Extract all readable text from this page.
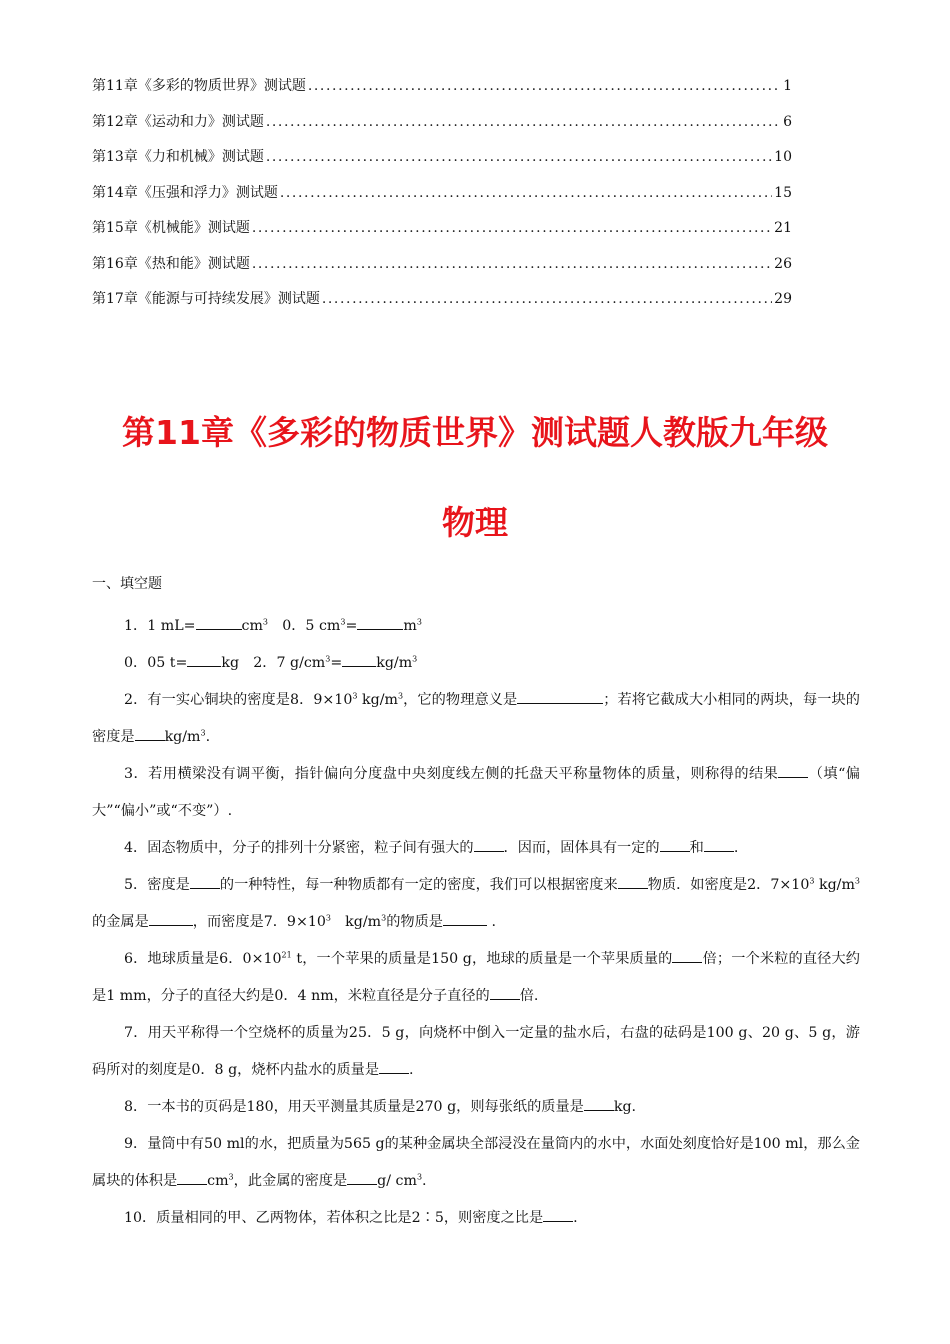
第11章《多彩的物质世界》测试题 .....	1
第12章《运动和力》测试题 .....	6
第13章《力和机械》测试题 .....	10
第14章《压强和浮力》测试题 .....	15
第15章《机械能》测试题 .....	21
第16章《热和能》测试题 .....	26
第17章《能源与可持续发展》测试题 .....	29
第11章《多彩的物质世界》测试题人教版九年级
物理
一、填空题

1．1 mL=	$cm^3$　0．5 $cm^3=$	$m^3$

0．05 t= kg　2．7 $g/cm^3= kg/m^3$

2．有一实心铜块的密度是8．$9\times 10^3$ $kg/m^3$，它的物理意义是	；若将它截成大小相同的两块，每一块的密度是 $kg/m^3$.

3．若用横梁没有调平衡，指针偏向分度盘中央刻度线左侧的托盘天平称量物体的质量，则称得的结果 （填“偏大”“偏小”或“不变”）.

4．固态物质中，分子的排列十分紧密，粒子间有强大的 ．因而，固体具有一定的 和 .

5．密度是 的一种特性，每一种物质都有一定的密度，我们可以根据密度来 物质．如密度是2．$7\times 10^3$ $kg/m^3$的金属是	，而密度是7．$9\times 10^3$　$kg/m^3$的物质是	.

6．地球质量是6．$0\times 10^{21}$ t，一个苹果的质量是150 g，地球的质量是一个苹果质量的 倍；一个米粒的直径大约是1 mm，分子的直径大约是0．4 nm，米粒直径是分子直径的 倍.

7．用天平称得一个空烧杯的质量为25．5 g，向烧杯中倒入一定量的盐水后，右盘的砝码是100 g、20 g、5 g，游码所对的刻度是0．8 g，烧杯内盐水的质量是 .

8．一本书的页码是180，用天平测量其质量是270 g，则每张纸的质量是 kg.

9．量筒中有50 ml的水，把质量为565 g的某种金属块全部浸没在量筒内的水中，水面处刻度恰好是100 ml，那么金属块的体积是 $cm^3$，此金属的密度是 g/ $cm^3$.

10．质量相同的甲、乙两物体，若体积之比是2∶5，则密度之比是 .
